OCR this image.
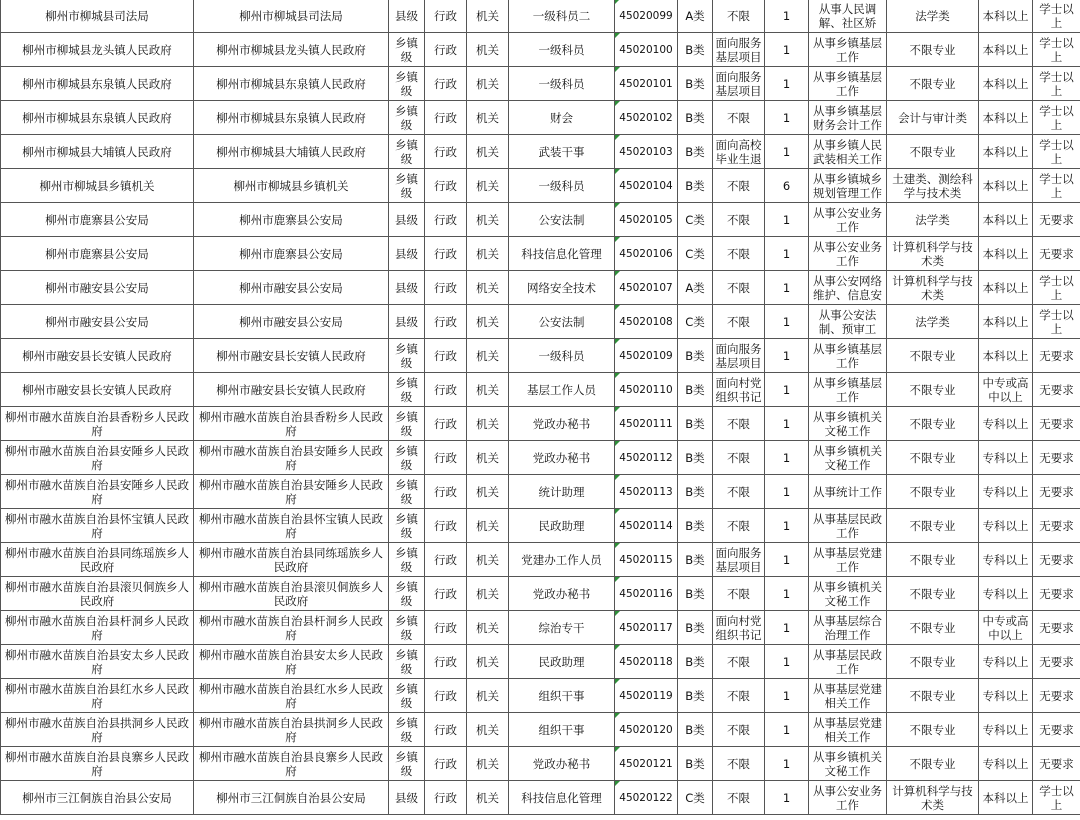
柳州市柳城县司法局	柳州市柳城县司法局	县级	行政	机关	一级科员二	45020099	A类	不限	1	从事人民调解、社区矫	法学类	本科以上	学士以上

柳州市柳城县龙头镇人民政府	柳州市柳城县龙头镇人民政府	乡镇级	行政	机关	一级科员	45020100	B类	面向服务基层项目	1	从事乡镇基层工作	不限专业	本科以上	学士以上

柳州市柳城县东泉镇人民政府	柳州市柳城县东泉镇人民政府	乡镇级	行政	机关	一级科员	45020101	B类	面向服务基层项目	1	从事乡镇基层工作	不限专业	本科以上	学士以上

柳州市柳城县东泉镇人民政府	柳州市柳城县东泉镇人民政府	乡镇级	行政	机关	财会	45020102	B类	不限	1	从事乡镇基层财务会计工作	会计与审计类	本科以上	学士以上

柳州市柳城县大埔镇人民政府	柳州市柳城县大埔镇人民政府	乡镇级	行政	机关	武装干事	45020103	B类	面向高校毕业生退	1	从事乡镇人民武装相关工作	不限专业	本科以上	学士以上

柳州市柳城县乡镇机关	柳州市柳城县乡镇机关	乡镇级	行政	机关	一级科员	45020104	B类	不限	6	从事乡镇城乡规划管理工作	土建类、测绘科学与技术类	本科以上	学士以上

柳州市鹿寨县公安局	柳州市鹿寨县公安局	县级	行政	机关	公安法制	45020105	C类	不限	1	从事公安业务工作	法学类	本科以上	无要求

柳州市鹿寨县公安局	柳州市鹿寨县公安局	县级	行政	机关	科技信息化管理	45020106	C类	不限	1	从事公安业务工作	计算机科学与技术类	本科以上	无要求

柳州市融安县公安局	柳州市融安县公安局	县级	行政	机关	网络安全技术	45020107	A类	不限	1	从事公安网络维护、信息安	计算机科学与技术类	本科以上	学士以上

柳州市融安县公安局	柳州市融安县公安局	县级	行政	机关	公安法制	45020108	C类	不限	1	从事公安法制、预审工	法学类	本科以上	学士以上

柳州市融安县长安镇人民政府	柳州市融安县长安镇人民政府	乡镇级	行政	机关	一级科员	45020109	B类	面向服务基层项目	1	从事乡镇基层工作	不限专业	本科以上	无要求

柳州市融安县长安镇人民政府	柳州市融安县长安镇人民政府	乡镇级	行政	机关	基层工作人员	45020110	B类	面向村党组织书记	1	从事乡镇基层工作	不限专业	中专或高中以上	无要求

柳州市融水苗族自治县香粉乡人民政府	柳州市融水苗族自治县香粉乡人民政府	乡镇级	行政	机关	党政办秘书	45020111	B类	不限	1	从事乡镇机关文秘工作	不限专业	专科以上	无要求

柳州市融水苗族自治县安陲乡人民政府	柳州市融水苗族自治县安陲乡人民政府	乡镇级	行政	机关	党政办秘书	45020112	B类	不限	1	从事乡镇机关文秘工作	不限专业	专科以上	无要求

柳州市融水苗族自治县安陲乡人民政府	柳州市融水苗族自治县安陲乡人民政府	乡镇级	行政	机关	统计助理	45020113	B类	不限	1	从事统计工作	不限专业	专科以上	无要求

柳州市融水苗族自治县怀宝镇人民政府	柳州市融水苗族自治县怀宝镇人民政府	乡镇级	行政	机关	民政助理	45020114	B类	不限	1	从事基层民政工作	不限专业	专科以上	无要求

柳州市融水苗族自治县同练瑶族乡人民政府	柳州市融水苗族自治县同练瑶族乡人民政府	乡镇级	行政	机关	党建办工作人员	45020115	B类	面向服务基层项目	1	从事基层党建工作	不限专业	专科以上	无要求

柳州市融水苗族自治县滚贝侗族乡人民政府	柳州市融水苗族自治县滚贝侗族乡人民政府	乡镇级	行政	机关	党政办秘书	45020116	B类	不限	1	从事乡镇机关文秘工作	不限专业	专科以上	无要求

柳州市融水苗族自治县杆洞乡人民政府	柳州市融水苗族自治县杆洞乡人民政府	乡镇级	行政	机关	综治专干	45020117	B类	面向村党组织书记	1	从事基层综合治理工作	不限专业	中专或高中以上	无要求

柳州市融水苗族自治县安太乡人民政府	柳州市融水苗族自治县安太乡人民政府	乡镇级	行政	机关	民政助理	45020118	B类	不限	1	从事基层民政工作	不限专业	专科以上	无要求

柳州市融水苗族自治县红水乡人民政府	柳州市融水苗族自治县红水乡人民政府	乡镇级	行政	机关	组织干事	45020119	B类	不限	1	从事基层党建相关工作	不限专业	专科以上	无要求

柳州市融水苗族自治县拱洞乡人民政府	柳州市融水苗族自治县拱洞乡人民政府	乡镇级	行政	机关	组织干事	45020120	B类	不限	1	从事基层党建相关工作	不限专业	专科以上	无要求

柳州市融水苗族自治县良寨乡人民政府	柳州市融水苗族自治县良寨乡人民政府	乡镇级	行政	机关	党政办秘书	45020121	B类	不限	1	从事乡镇机关文秘工作	不限专业	专科以上	无要求

柳州市三江侗族自治县公安局	柳州市三江侗族自治县公安局	县级	行政	机关	科技信息化管理	45020122	C类	不限	1	从事公安业务工作	计算机科学与技术类	本科以上	学士以上
